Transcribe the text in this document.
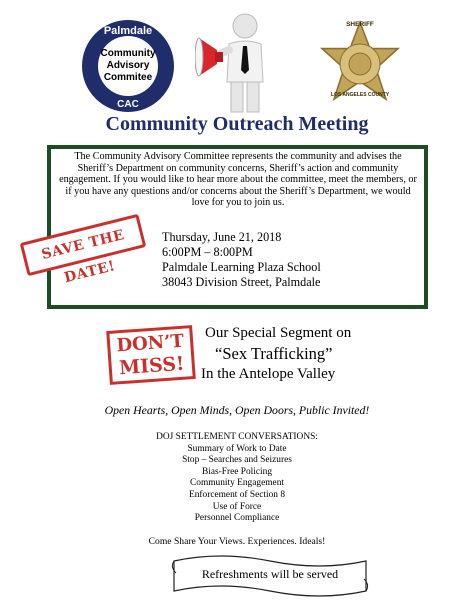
Palmdale
Community
Advisory
Commitee
CAC
SHERIFF
LOS ANGELES COUNTY
Community Outreach Meeting
The Community Advisory Committee represents the community and advises the Sheriff’s Department on community concerns, Sheriff’s action and community engagement. If you would like to hear more about the committee, meet the members, or if you have any questions and/or concerns about the Sheriff’s Department, we would love for you to join us.
Thursday, June 21, 2018
6:00PM – 8:00PM
Palmdale Learning Plaza School
38043 Division Street, Palmdale
SAVE THE DATE!
DON’T
MISS!
Our Special Segment on
“Sex Trafficking”
In the Antelope Valley
Open Hearts, Open Minds, Open Doors, Public Invited!
DOJ SETTLEMENT CONVERSATIONS:
Summary of Work to Date
Stop – Searches and Seizures
Bias-Free Policing
Community Engagement
Enforcement of Section 8
Use of Force
Personnel Compliance
Come Share Your Views. Experiences. Ideals!
Refreshments will be served
